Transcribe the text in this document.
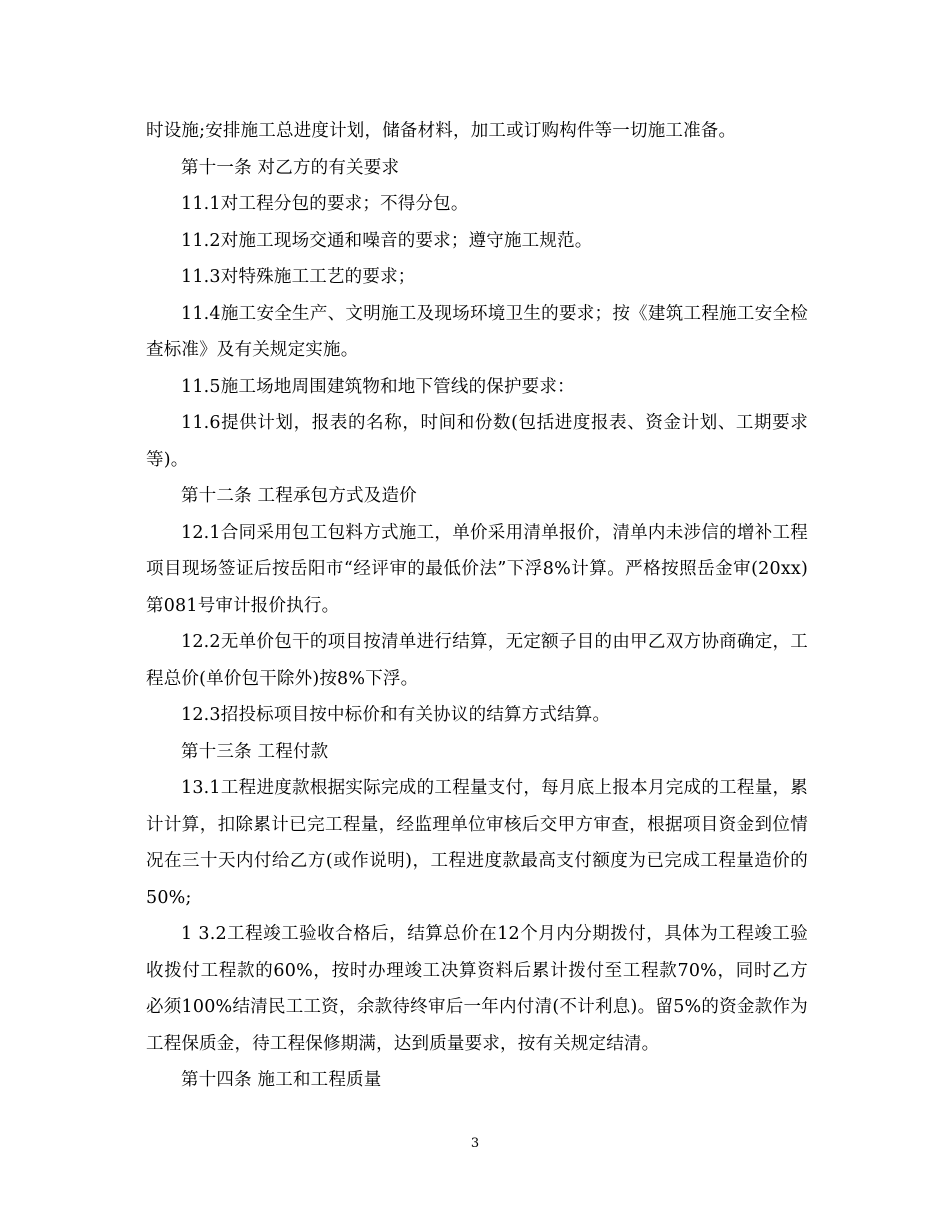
时设施;安排施工总进度计划，储备材料，加工或订购构件等一切施工准备。

第十一条 对乙方的有关要求

11.1对工程分包的要求；不得分包。

11.2对施工现场交通和噪音的要求；遵守施工规范。

11.3对特殊施工工艺的要求；

11.4施工安全生产、文明施工及现场环境卫生的要求；按《建筑工程施工安全检查标准》及有关规定实施。

11.5施工场地周围建筑物和地下管线的保护要求：

11.6提供计划，报表的名称，时间和份数(包括进度报表、资金计划、工期要求等)。

第十二条 工程承包方式及造价

12.1合同采用包工包料方式施工，单价采用清单报价，清单内未涉信的增补工程项目现场签证后按岳阳市“经评审的最低价法”下浮8%计算。严格按照岳金审(20xx)第081号审计报价执行。

12.2无单价包干的项目按清单进行结算，无定额子目的由甲乙双方协商确定，工程总价(单价包干除外)按8%下浮。

12.3招投标项目按中标价和有关协议的结算方式结算。

第十三条 工程付款

13.1工程进度款根据实际完成的工程量支付，每月底上报本月完成的工程量，累计计算，扣除累计已完工程量，经监理单位审核后交甲方审查，根据项目资金到位情况在三十天内付给乙方(或作说明)，工程进度款最高支付额度为已完成工程量造价的50%;

1 3.2工程竣工验收合格后，结算总价在12个月内分期拨付，具体为工程竣工验收拨付工程款的60%，按时办理竣工决算资料后累计拨付至工程款70%，同时乙方必须100%结清民工工资，余款待终审后一年内付清(不计利息)。留5%的资金款作为工程保质金，待工程保修期满，达到质量要求，按有关规定结清。

第十四条 施工和工程质量

3
